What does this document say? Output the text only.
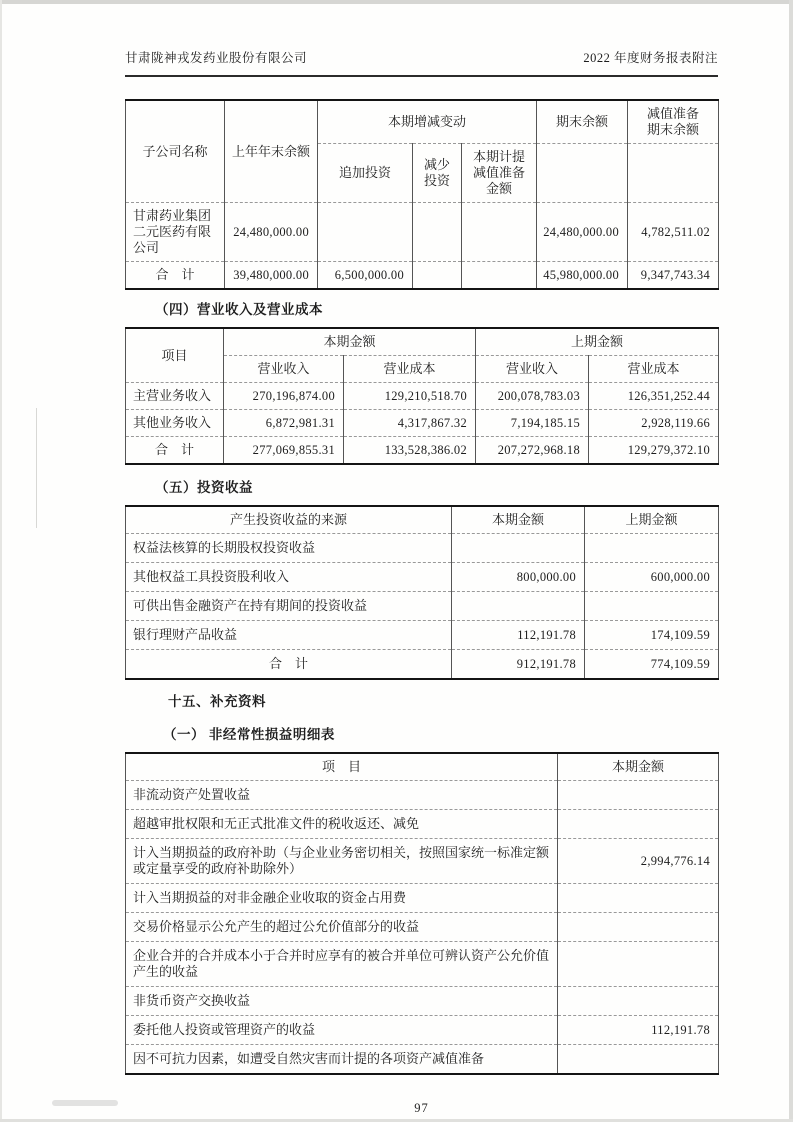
甘肃陇神戎发药业股份有限公司	2022 年度财务报表附注
子公司名称	上年年末余额	本期增减变动			期末余额	减值准备 期末余额
		追加投资	减少投资	本期计提减值准备金额		
甘肃药业集团二元医药有限公司	24,480,000.00				24,480,000.00	4,782,511.02
合　计	39,480,000.00	6,500,000.00			45,980,000.00	9,347,743.34
（四）营业收入及营业成本
项目	本期金额		上期金额	
	营业收入	营业成本	营业收入	营业成本
主营业务收入	270,196,874.00	129,210,518.70	200,078,783.03	126,351,252.44
其他业务收入	6,872,981.31	4,317,867.32	7,194,185.15	2,928,119.66
合　计	277,069,855.31	133,528,386.02	207,272,968.18	129,279,372.10
（五）投资收益
产生投资收益的来源	本期金额	上期金额
权益法核算的长期股权投资收益		
其他权益工具投资股利收入	800,000.00	600,000.00
可供出售金融资产在持有期间的投资收益		
银行理财产品收益	112,191.78	174,109.59
合　计	912,191.78	774,109.59
十五、补充资料
（一） 非经常性损益明细表
项　目	本期金额
非流动资产处置收益	
超越审批权限和无正式批准文件的税收返还、减免	
计入当期损益的政府补助（与企业业务密切相关，按照国家统一标准定额或定量享受的政府补助除外）	2,994,776.14
计入当期损益的对非金融企业收取的资金占用费	
交易价格显示公允产生的超过公允价值部分的收益	
企业合并的合并成本小于合并时应享有的被合并单位可辨认资产公允价值产生的收益	
非货币资产交换收益	
委托他人投资或管理资产的收益	112,191.78
因不可抗力因素，如遭受自然灾害而计提的各项资产减值准备	
97
